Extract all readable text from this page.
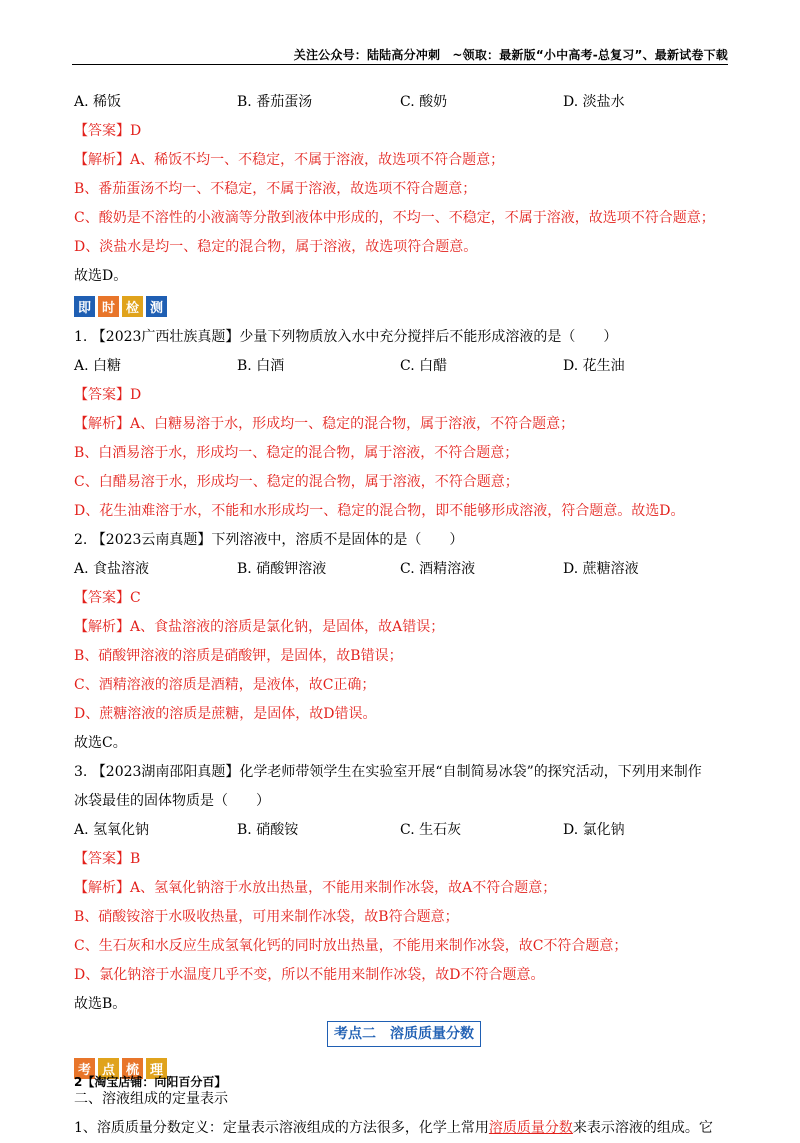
关注公众号：陆陆高分冲刺　~领取：最新版“小中高考-总复习”、最新试卷下载
A. 稀饭	B. 番茄蛋汤	C. 酸奶	D. 淡盐水
【答案】D
【解析】A、稀饭不均一、不稳定，不属于溶液，故选项不符合题意；
B、番茄蛋汤不均一、不稳定，不属于溶液，故选项不符合题意；
C、酸奶是不溶性的小液滴等分散到液体中形成的，不均一、不稳定，不属于溶液，故选项不符合题意；
D、淡盐水是均一、稳定的混合物，属于溶液，故选项符合题意。
故选D。
即 时 检 测
1. 【2023广西壮族真题】少量下列物质放入水中充分搅拌后不能形成溶液的是（　　）
A. 白糖	B. 白酒	C. 白醋	D. 花生油
【答案】D
【解析】A、白糖易溶于水，形成均一、稳定的混合物，属于溶液，不符合题意；
B、白酒易溶于水，形成均一、稳定的混合物，属于溶液，不符合题意；
C、白醋易溶于水，形成均一、稳定的混合物，属于溶液，不符合题意；
D、花生油难溶于水，不能和水形成均一、稳定的混合物，即不能够形成溶液，符合题意。故选D。
2. 【2023云南真题】下列溶液中，溶质不是固体的是（　　）
A. 食盐溶液	B. 硝酸钾溶液	C. 酒精溶液	D. 蔗糖溶液
【答案】C
【解析】A、食盐溶液的溶质是氯化钠，是固体，故A错误；
B、硝酸钾溶液的溶质是硝酸钾，是固体，故B错误；
C、酒精溶液的溶质是酒精，是液体，故C正确；
D、蔗糖溶液的溶质是蔗糖，是固体，故D错误。
故选C。
3. 【2023湖南邵阳真题】化学老师带领学生在实验室开展“自制简易冰袋”的探究活动，下列用来制作
冰袋最佳的固体物质是（　　）
A. 氢氧化钠	B. 硝酸铵	C. 生石灰	D. 氯化钠
【答案】B
【解析】A、氢氧化钠溶于水放出热量，不能用来制作冰袋，故A不符合题意；
B、硝酸铵溶于水吸收热量，可用来制作冰袋，故B符合题意；
C、生石灰和水反应生成氢氧化钙的同时放出热量，不能用来制作冰袋，故C不符合题意；
D、氯化钠溶于水温度几乎不变，所以不能用来制作冰袋，故D不符合题意。
故选B。
考点二　溶质质量分数
考 点 梳 理
二、溶液组成的定量表示
1、溶质质量分数定义：定量表示溶液组成的方法很多，化学上常用溶质质量分数来表示溶液的组成。它
2【淘宝店铺：向阳百分百】
